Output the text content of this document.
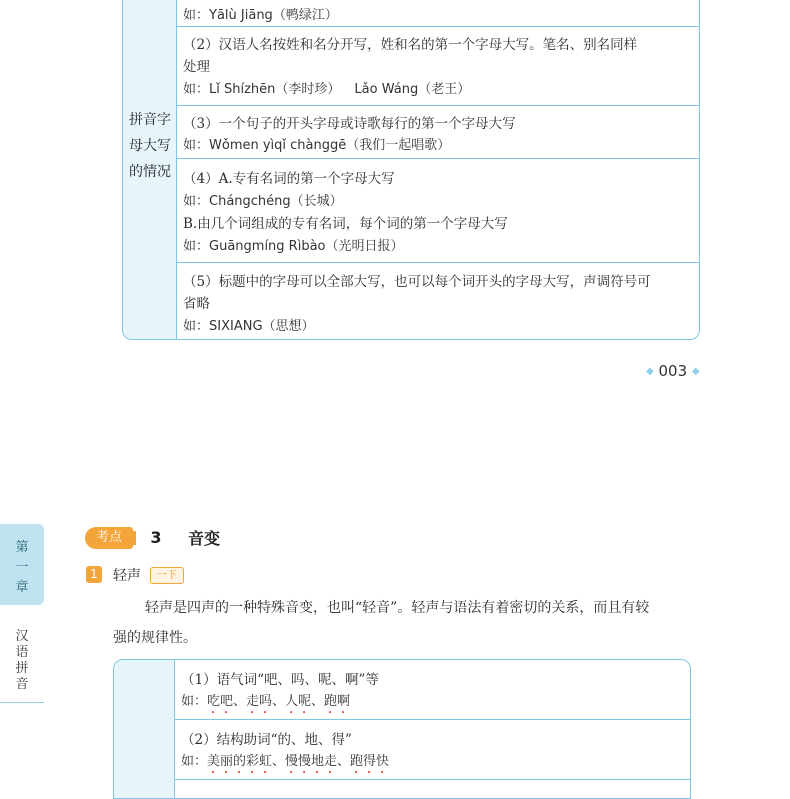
拼音字
母大写
的情况
如：Yālù Jiāng（鸭绿江）
（2）汉语人名按姓和名分开写，姓和名的第一个字母大写。笔名、别名同样
处理
如：Lǐ Shízhēn（李时珍） Lǎo Wáng（老王）
（3）一个句子的开头字母或诗歌每行的第一个字母大写
如：Wǒmen yìqǐ chànggē（我们一起唱歌）
（4）A.专有名词的第一个字母大写
如：Chángchéng（长城）
B.由几个词组成的专有名词，每个词的第一个字母大写
如：Guāngmíng Rìbào（光明日报）
（5）标题中的字母可以全部大写，也可以每个词开头的字母大写，声调符号可
省略
如：SIXIANG（思想）
◆ 003 ◆
第
一
章
汉
语
拼
音
考点	3	音变
1 轻声	一下
轻声是四声的一种特殊音变，也叫“轻音”。轻声与语法有着密切的关系，而且有较
强的规律性。
（1）语气词“吧、吗、呢、啊”等
如：吃吧、走吗、人呢、跑啊
（2）结构助词“的、地、得”
如：美丽的彩虹、慢慢地走、跑得快
